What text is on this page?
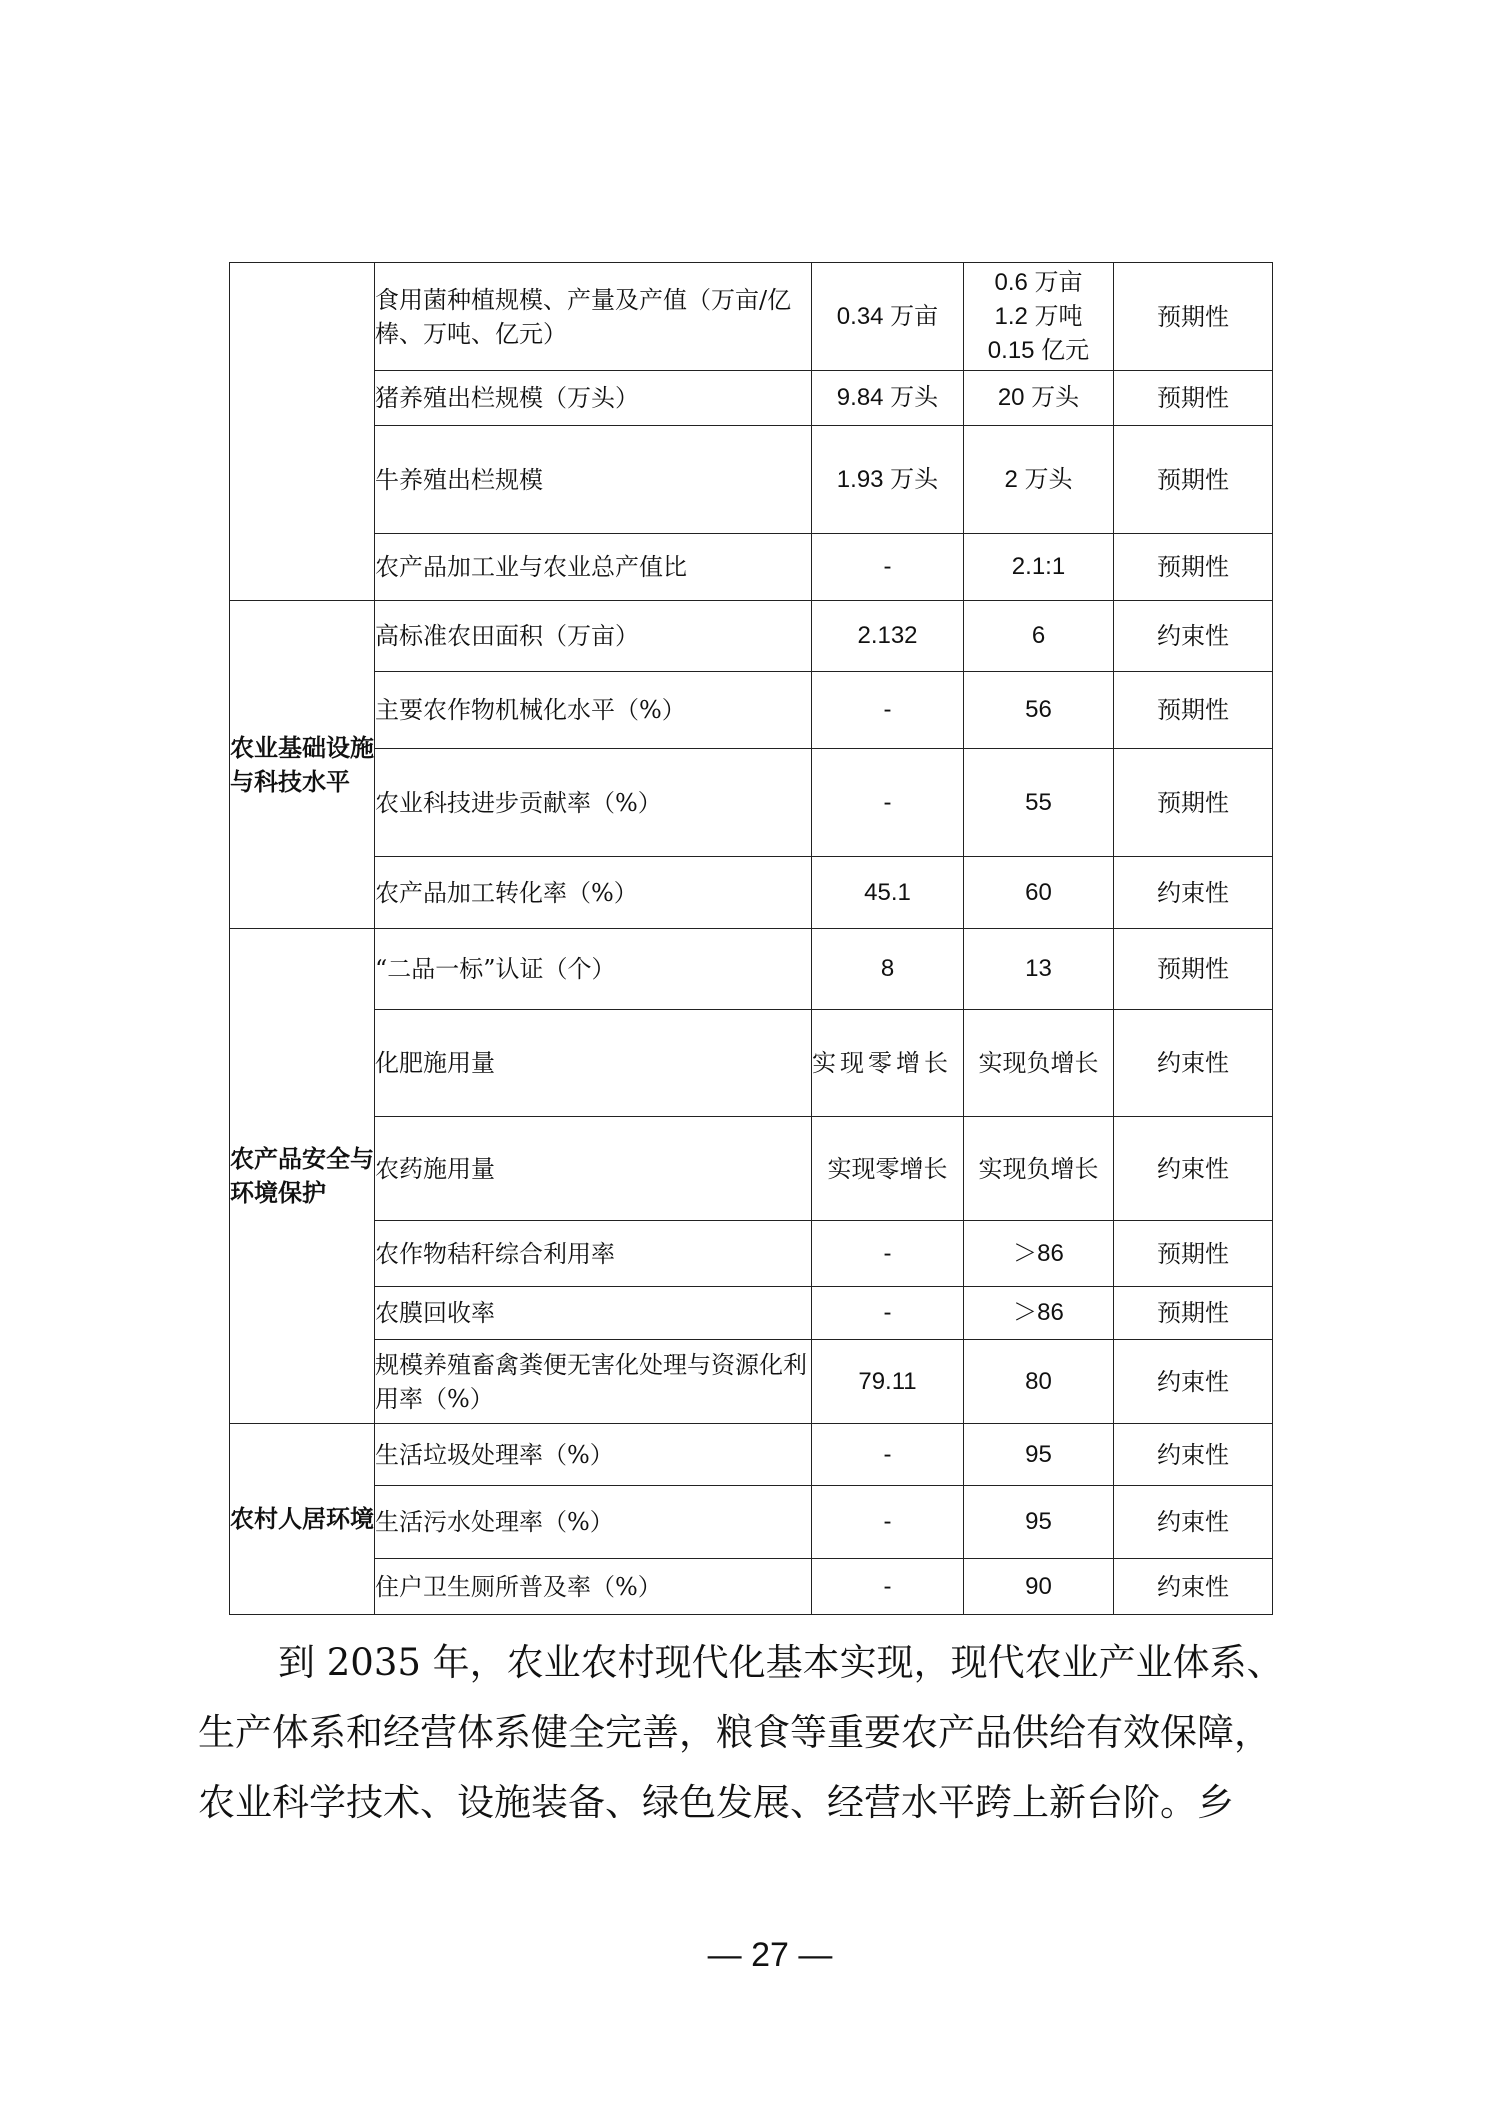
	食用菌种植规模、产量及产值（万亩/亿棒、万吨、亿元）	0.34 万亩	0.6 万亩
1.2 万吨
0.15 亿元	预期性
	猪养殖出栏规模（万头）	9.84 万头	20 万头	预期性
	牛养殖出栏规模	1.93 万头	2 万头	预期性
	农产品加工业与农业总产值比	-	2.1:1	预期性
农业基础设施与科技水平	高标准农田面积（万亩）	2.132	6	约束性
	主要农作物机械化水平（%）	-	56	预期性
	农业科技进步贡献率（%）	-	55	预期性
	农产品加工转化率（%）	45.1	60	约束性
农产品安全与环境保护	“二品一标”认证（个）	8	13	预期性
	化肥施用量	实现零增长	实现负增长	约束性
	农药施用量	实现零增长	实现负增长	约束性
	农作物秸秆综合利用率	-	＞86	预期性
	农膜回收率	-	＞86	预期性
	规模养殖畜禽粪便无害化处理与资源化利用率（%）	79.11	80	约束性
农村人居环境	生活垃圾处理率（%）	-	95	约束性
	生活污水处理率（%）	-	95	约束性
	住户卫生厕所普及率（%）	-	90	约束性
到 2035 年，农业农村现代化基本实现，现代农业产业体系、
生产体系和经营体系健全完善，粮食等重要农产品供给有效保障，
农业科学技术、设施装备、绿色发展、经营水平跨上新台阶。乡
— 27 —
